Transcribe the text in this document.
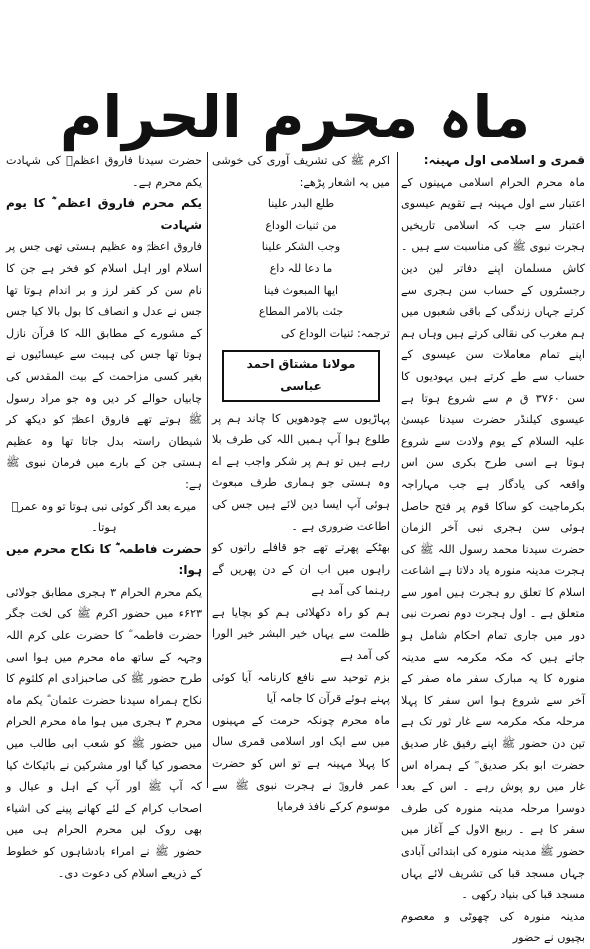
ماہ محرم الحرام

قمری و اسلامی اول مہینہ:

ماہ محرم الحرام اسلامی مہینوں کے اعتبار سے اول مہینہ ہے تقویم عیسوی اعتبار سے جب کہ اسلامی تاریخیں ہجرت نبوی ﷺ کی مناسبت سے ہیں ۔ کاش مسلمان اپنے دفاتر لین دین رجسٹروں کے حساب سن ہجری سے کرتے جہاں زندگی کے باقی شعبوں میں ہم مغرب کی نقالی کرتے ہیں وہاں ہم اپنے تمام معاملات سن عیسوی کے حساب سے طے کرتے ہیں یہودیوں کا سن ۳۷۶۰ ق م سے شروع ہوتا ہے عیسوی کیلنڈر حضرت سیدنا عیسیٰ علیہ السلام کے یوم ولادت سے شروع ہوتا ہے اسی طرح بکری سن اس واقعہ کی یادگار ہے جب مہاراجہ بکرماجیت کو ساکا قوم پر فتح حاصل ہوئی سن ہجری نبی آخر الزمان حضرت سیدنا محمد رسول اللہ ﷺ کی ہجرت مدینہ منورہ یاد دلاتا ہے اشاعت اسلام کا تعلق رو ہجرت ہیں امور سے متعلق ہے ۔ اول ہجرت دوم نصرت نبی دور میں جاری تمام احکام شامل ہو جاتے ہیں کہ مکہ مکرمہ سے مدینہ منورہ کا یہ مبارک سفر ماہ صفر کے آخر سے شروع ہوا اس سفر کا پہلا مرحلہ مکہ مکرمہ سے غار ثور تک ہے تین دن حضور ﷺ اپنے رفیق غار صدیق حضرت ابو بکر صدیق ؓ کے ہمراہ اس غار میں رو پوش رہے ۔ اس کے بعد دوسرا مرحلہ مدینہ منورہ کی طرف سفر کا ہے ۔ ربیع الاول کے آغاز میں حضور ﷺ مدینہ منورہ کی ابتدائی آبادی جہاں مسجد قبا کی تشریف لائے یہاں مسجد قبا کی بنیاد رکھی ۔

مدینہ منورہ کی چھوٹی و معصوم بچیوں نے حضور

اکرم ﷺ کی تشریف آوری کی خوشی میں یہ اشعار پڑھے:

طلع البدر علینا
من ثنیات الوداع
وجب الشکر علینا
ما دعا للہ داع
ایھا المبعوث فینا
جئت بالامر المطاع

ترجمہ: ثنیات الوداع کی

مولانا مشتاق احمد عباسی

پہاڑیوں سے چودھویں کا چاند ہم پر طلوع ہوا آپ ہمیں اللہ کی طرف بلا رہے ہیں تو ہم پر شکر واجب ہے اے وہ ہستی جو ہماری طرف مبعوث ہوئی آپ ایسا دین لائے ہیں جس کی اطاعت ضروری ہے ۔

بھٹکے پھرتے تھے جو قافلے راتوں کو راہوں میں اب ان کے دن پھریں گے رہنما کی آمد ہے

ہم کو راہ دکھلائی ہم کو بچایا ہے ظلمت سے یہاں خیر البشر خیر الورا کی آمد ہے

بزم توحید سے نافع کارنامہ آیا کوئی پہنے ہوئے قرآن کا جامہ آیا

ماہ محرم چونکہ حرمت کے مہینوں میں سے ایک اور اسلامی قمری سال کا پہلا مہینہ ہے تو اس کو حضرت عمر فاروقؓ نے ہجرت نبوی ﷺ سے موسوم کرکے نافذ فرمایا

حضرت سیدنا فاروق اعظمؓ کی شہادت یکم محرم ہے۔

یکم محرم فاروق اعظم ؓ کا یوم شہادت

فاروق اعظمؓ وہ عظیم ہستی تھی جس پر اسلام اور اہل اسلام کو فخر ہے جن کا نام سن کر کفر لرز و بر اندام ہوتا تھا جس نے عدل و انصاف کا بول بالا کیا جس کے مشورے کے مطابق اللہ کا قرآن نازل ہوتا تھا جس کی ہیبت سے عیسائیوں نے بغیر کسی مزاحمت کے بیت المقدس کی چابیاں حوالے کر دیں وہ جو مراد رسول ﷺ ہوتے تھے فاروق اعظمؓ کو دیکھ کر شیطان راستہ بدل جاتا تھا وہ عظیم ہستی جن کے بارے میں فرمان نبوی ﷺ ہے:

میرے بعد اگر کوئی نبی ہوتا تو وہ عمرؓ ہوتا۔

حضرت فاطمہ ؓ کا نکاح محرم میں ہوا:

یکم محرم الحرام ۳ ہجری مطابق جولائی ۶۲۳ء میں حضور اکرم ﷺ کی لخت جگر حضرت فاطمہ ؓ کا حضرت علی کرم اللہ وجہہ کے ساتھ ماہ محرم میں ہوا اسی طرح حضور ﷺ کی صاحبزادی ام کلثوم کا نکاح ہمراہ سیدنا حضرت عثمان ؓ یکم ماہ محرم ۳ ہجری میں ہوا ماہ محرم الحرام میں حضور ﷺ کو شعب ابی طالب میں محصور کیا گیا اور مشرکین نے بائیکاٹ کیا کہ آپ ﷺ اور آپ کے اہل و عیال و اصحاب کرام کے لئے کھانے پینے کی اشیاء بھی روک لیں محرم الحرام ہی میں حضور ﷺ نے امراء بادشاہوں کو خطوط کے ذریعے اسلام کی دعوت دی۔
